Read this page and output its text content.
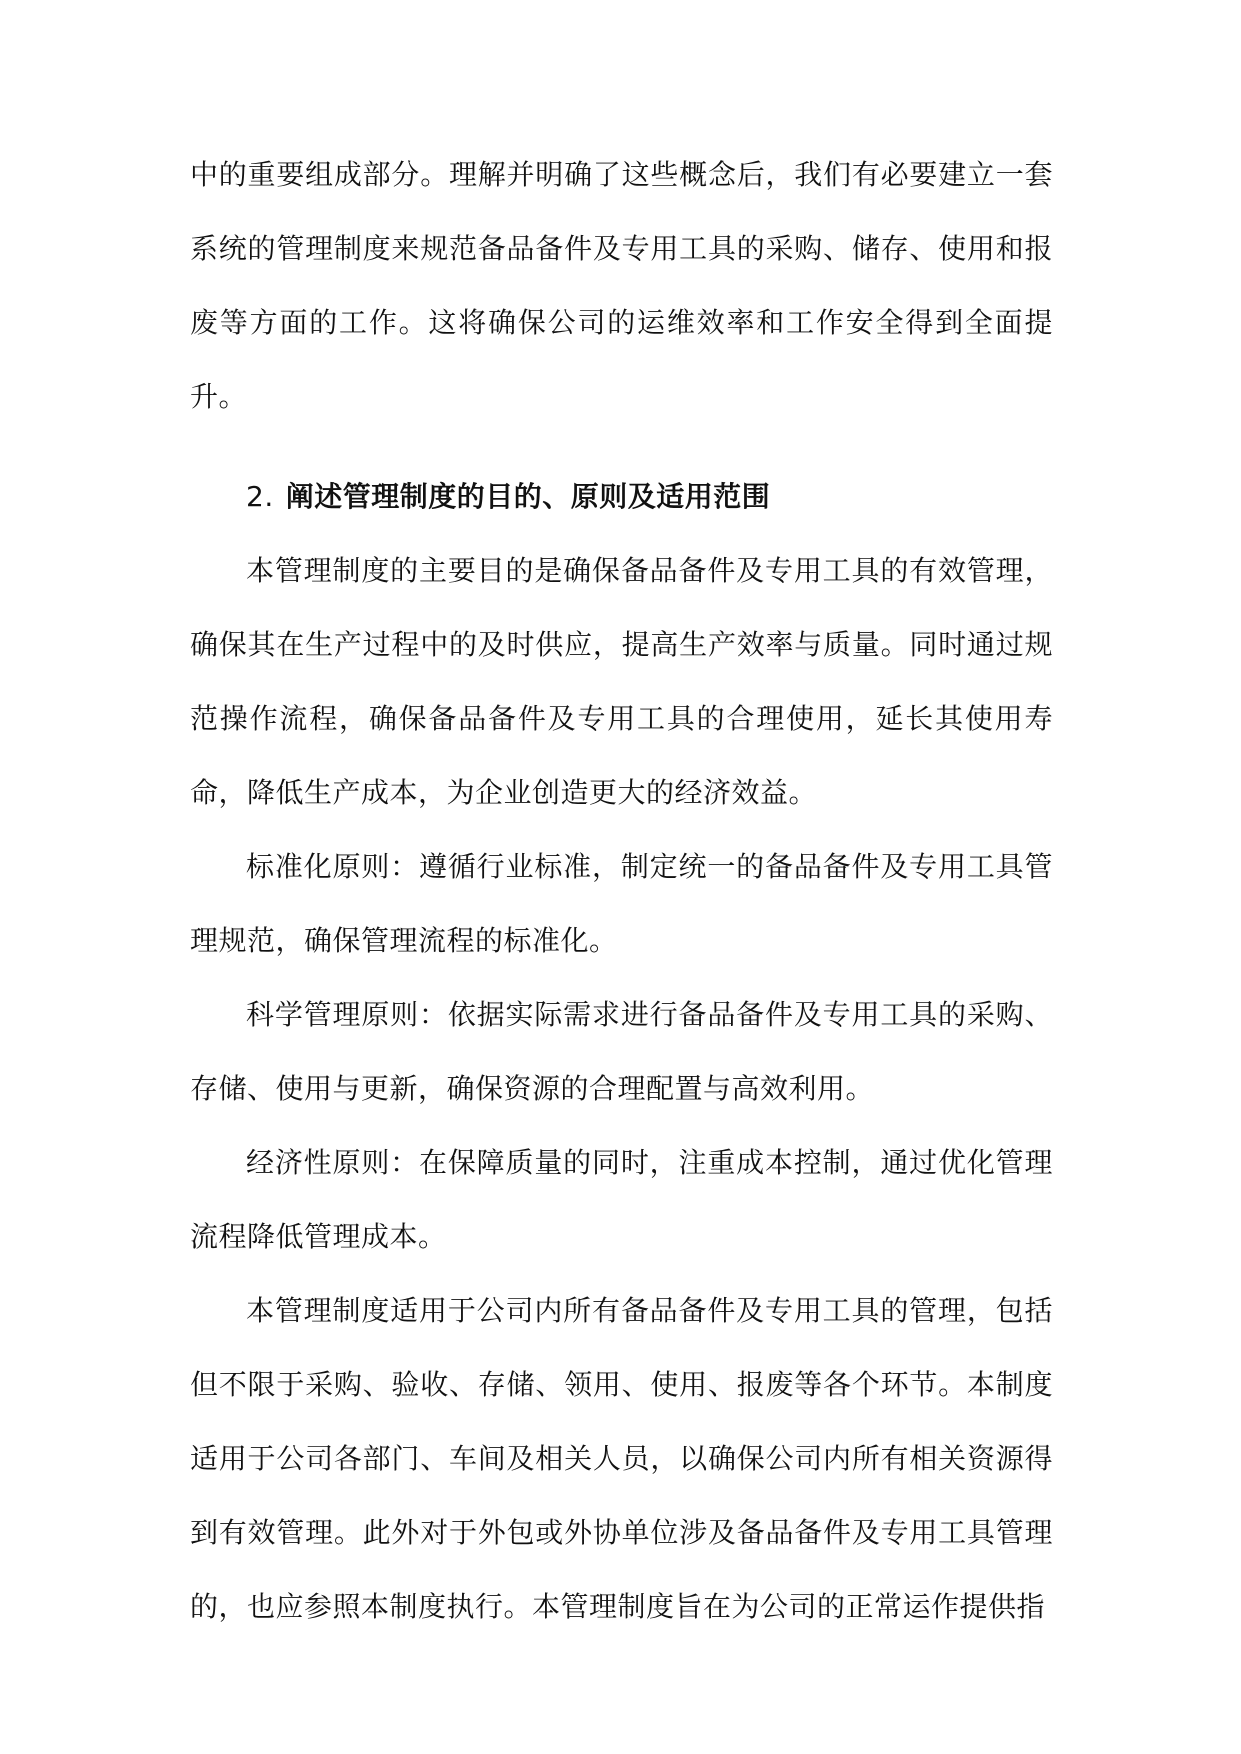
中的重要组成部分。理解并明确了这些概念后，我们有必要建立一套系统的管理制度来规范备品备件及专用工具的采购、储存、使用和报废等方面的工作。这将确保公司的运维效率和工作安全得到全面提升。

2. 阐述管理制度的目的、原则及适用范围

本管理制度的主要目的是确保备品备件及专用工具的有效管理，确保其在生产过程中的及时供应，提高生产效率与质量。同时通过规范操作流程，确保备品备件及专用工具的合理使用，延长其使用寿命，降低生产成本，为企业创造更大的经济效益。

标准化原则：遵循行业标准，制定统一的备品备件及专用工具管理规范，确保管理流程的标准化。

科学管理原则：依据实际需求进行备品备件及专用工具的采购、存储、使用与更新，确保资源的合理配置与高效利用。

经济性原则：在保障质量的同时，注重成本控制，通过优化管理流程降低管理成本。

本管理制度适用于公司内所有备品备件及专用工具的管理，包括但不限于采购、验收、存储、领用、使用、报废等各个环节。本制度适用于公司各部门、车间及相关人员，以确保公司内所有相关资源得到有效管理。此外对于外包或外协单位涉及备品备件及专用工具管理的，也应参照本制度执行。本管理制度旨在为公司的正常运作提供指
